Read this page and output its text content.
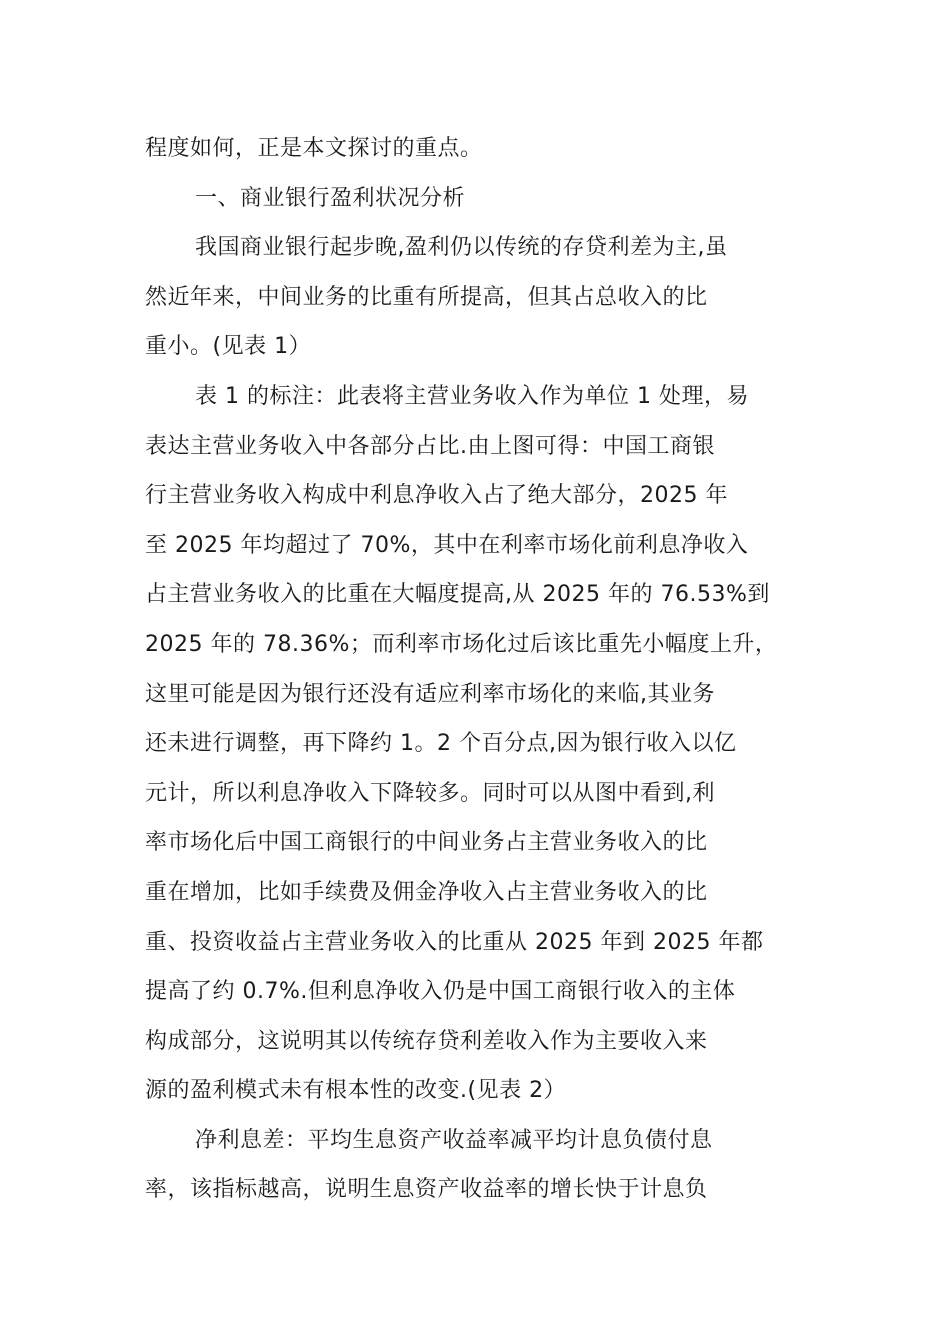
程度如何，正是本文探讨的重点。
一、商业银行盈利状况分析
我国商业银行起步晚,盈利仍以传统的存贷利差为主,虽
然近年来，中间业务的比重有所提高，但其占总收入的比
重小。(见表 1）
表 1 的标注：此表将主营业务收入作为单位 1 处理，易
表达主营业务收入中各部分占比.由上图可得：中国工商银
行主营业务收入构成中利息净收入占了绝大部分，2025 年
至 2025 年均超过了 70%，其中在利率市场化前利息净收入
占主营业务收入的比重在大幅度提高,从 2025 年的 76.53%到
2025 年的 78.36%；而利率市场化过后该比重先小幅度上升，
这里可能是因为银行还没有适应利率市场化的来临,其业务
还未进行调整，再下降约 1。2 个百分点,因为银行收入以亿
元计，所以利息净收入下降较多。同时可以从图中看到,利
率市场化后中国工商银行的中间业务占主营业务收入的比
重在增加，比如手续费及佣金净收入占主营业务收入的比
重、投资收益占主营业务收入的比重从 2025 年到 2025 年都
提高了约 0.7%.但利息净收入仍是中国工商银行收入的主体
构成部分，这说明其以传统存贷利差收入作为主要收入来
源的盈利模式未有根本性的改变.(见表 2）
净利息差：平均生息资产收益率减平均计息负债付息
率，该指标越高，说明生息资产收益率的增长快于计息负
